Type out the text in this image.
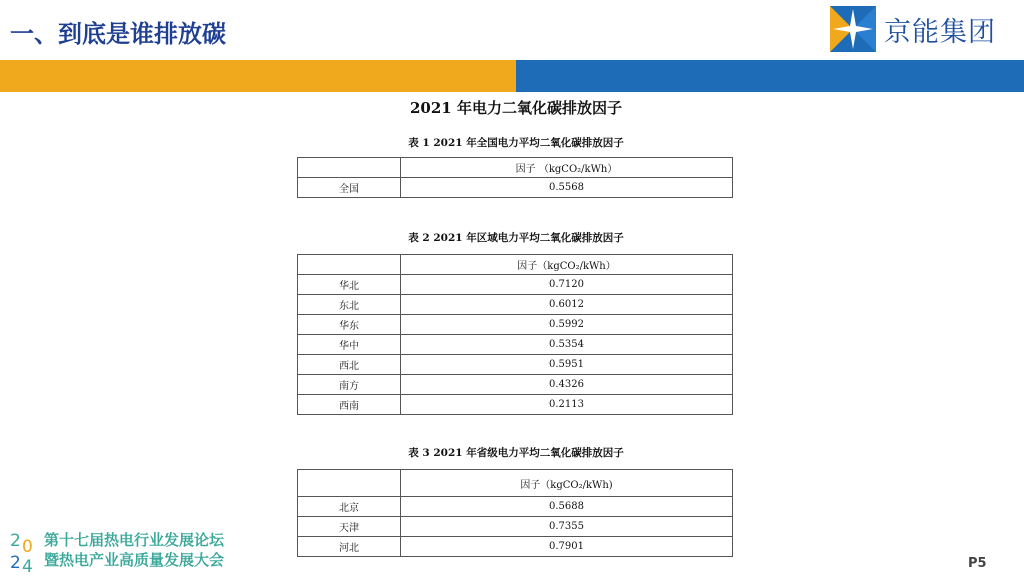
一、到底是谁排放碳	京能集团
2021 年电力二氧化碳排放因子
表 1 2021 年全国电力平均二氧化碳排放因子
	因子 （kgCO₂/kWh）
全国	0.5568
表 2 2021 年区域电力平均二氧化碳排放因子
	因子（kgCO₂/kWh）
华北	0.7120
东北	0.6012
华东	0.5992
华中	0.5354
西北	0.5951
南方	0.4326
西南	0.2113
表 3 2021 年省级电力平均二氧化碳排放因子
	因子（kgCO₂/kWh)
北京	0.5688
天津	0.7355
河北	0.7901
2 0
2 4
第十七届热电行业发展论坛
暨热电产业高质量发展大会	P5
